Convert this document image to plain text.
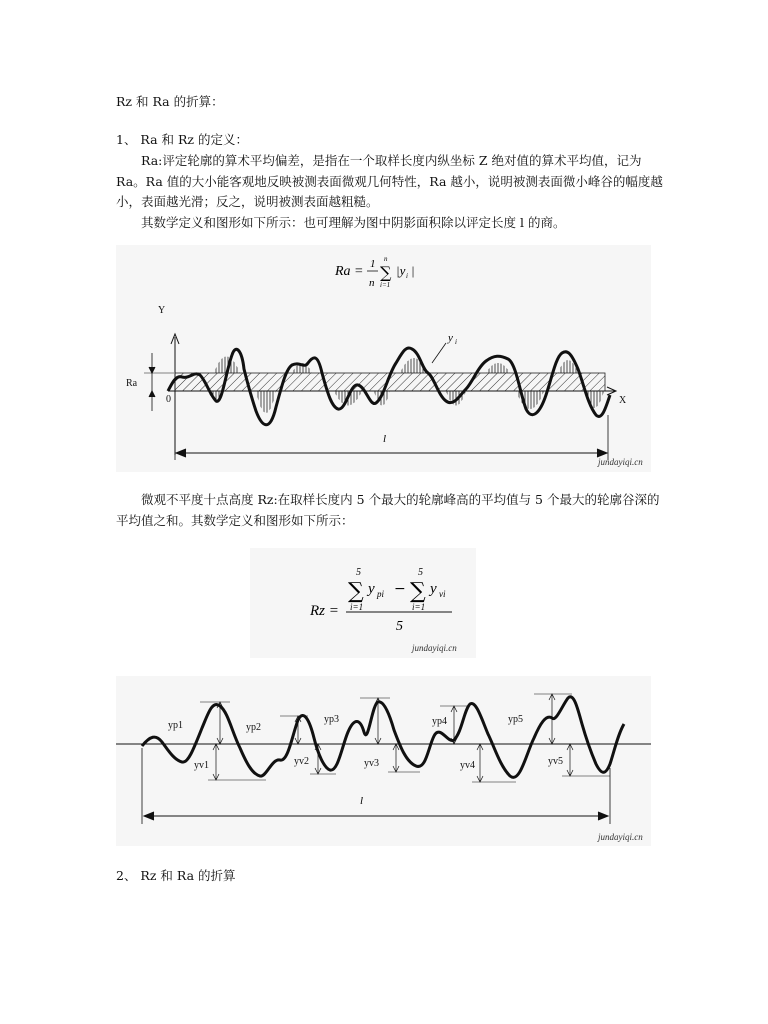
Rz 和 Ra 的折算：
1、 Ra 和 Rz 的定义：
Ra:评定轮廓的算术平均偏差，是指在一个取样长度内纵坐标 Z 绝对值的算术平均值，记为 Ra。Ra 值的大小能客观地反映被测表面微观几何特性，Ra 越小，说明被测表面微小峰谷的幅度越小，表面越光滑；反之，说明被测表面越粗糙。
其数学定义和图形如下所示：也可理解为图中阴影面积除以评定长度 l 的商。
Ra = 1
n
∑
n
i=1
|y i |
Y
X
Ra
0
y i
l
jundayiqi.cn
微观不平度十点高度 Rz:在取样长度内 5 个最大的轮廓峰高的平均值与 5 个最大的轮廓谷深的平均值之和。其数学定义和图形如下所示：
Rz =
5
∑
i=1
y pi −
5
∑
i=1
y vi
5
jundayiqi.cn
yp1	yp2
yp3	yp4	yp5
yv1	yv2	yv3	yv4	yv5
l
jundayiqi.cn
2、 Rz 和 Ra 的折算
